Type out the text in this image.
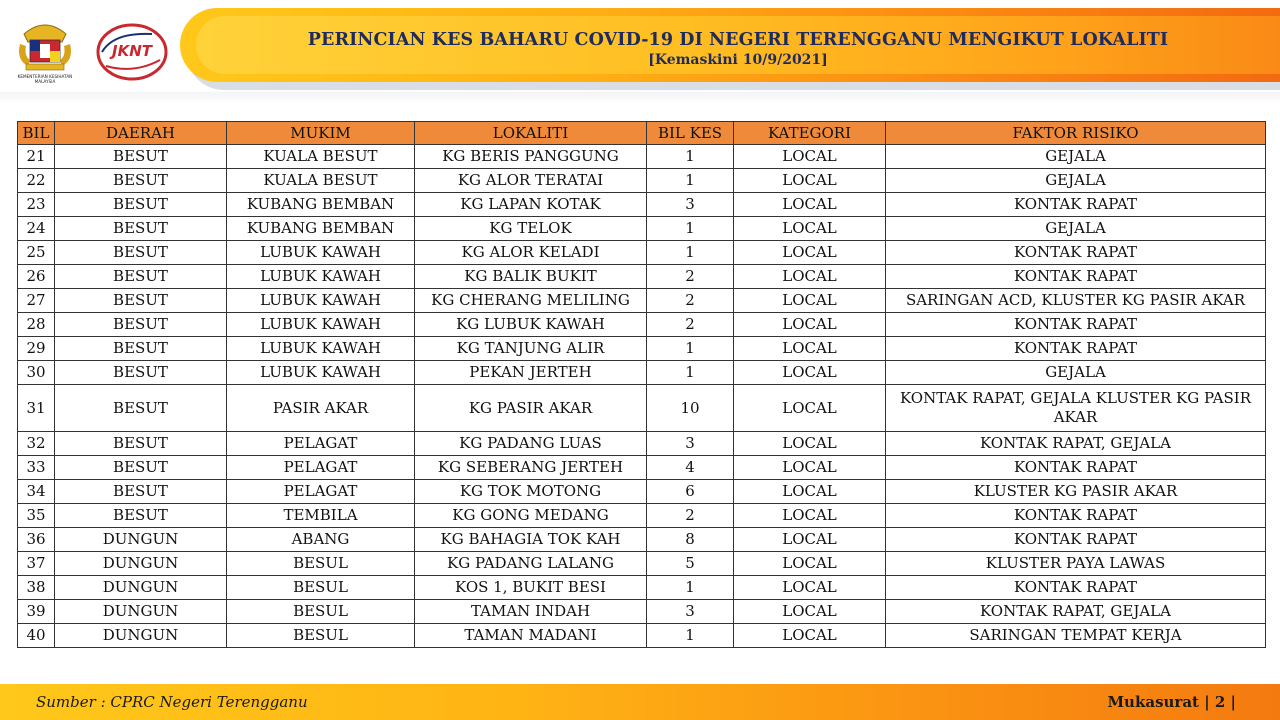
KEMENTERIAN KESIHATAN
MALAYSIA
JKNT
PERINCIAN KES BAHARU COVID-19 DI NEGERI TERENGGANU MENGIKUT LOKALITI
[Kemaskini 10/9/2021]
BIL	DAERAH	MUKIM	LOKALITI	BIL KES	KATEGORI	FAKTOR RISIKO
21	BESUT	KUALA BESUT	KG BERIS PANGGUNG	1	LOCAL	GEJALA
22	BESUT	KUALA BESUT	KG ALOR TERATAI	1	LOCAL	GEJALA
23	BESUT	KUBANG BEMBAN	KG LAPAN KOTAK	3	LOCAL	KONTAK RAPAT
24	BESUT	KUBANG BEMBAN	KG TELOK	1	LOCAL	GEJALA
25	BESUT	LUBUK KAWAH	KG ALOR KELADI	1	LOCAL	KONTAK RAPAT
26	BESUT	LUBUK KAWAH	KG BALIK BUKIT	2	LOCAL	KONTAK RAPAT
27	BESUT	LUBUK KAWAH	KG CHERANG MELILING	2	LOCAL	SARINGAN ACD, KLUSTER KG PASIR AKAR
28	BESUT	LUBUK KAWAH	KG LUBUK KAWAH	2	LOCAL	KONTAK RAPAT
29	BESUT	LUBUK KAWAH	KG TANJUNG ALIR	1	LOCAL	KONTAK RAPAT
30	BESUT	LUBUK KAWAH	PEKAN JERTEH	1	LOCAL	GEJALA
31	BESUT	PASIR AKAR	KG PASIR AKAR	10	LOCAL	KONTAK RAPAT, GEJALA KLUSTER KG PASIR AKAR
32	BESUT	PELAGAT	KG PADANG LUAS	3	LOCAL	KONTAK RAPAT, GEJALA
33	BESUT	PELAGAT	KG SEBERANG JERTEH	4	LOCAL	KONTAK RAPAT
34	BESUT	PELAGAT	KG TOK MOTONG	6	LOCAL	KLUSTER KG PASIR AKAR
35	BESUT	TEMBILA	KG GONG MEDANG	2	LOCAL	KONTAK RAPAT
36	DUNGUN	ABANG	KG BAHAGIA TOK KAH	8	LOCAL	KONTAK RAPAT
37	DUNGUN	BESUL	KG PADANG LALANG	5	LOCAL	KLUSTER PAYA LAWAS
38	DUNGUN	BESUL	KOS 1, BUKIT BESI	1	LOCAL	KONTAK RAPAT
39	DUNGUN	BESUL	TAMAN INDAH	3	LOCAL	KONTAK RAPAT, GEJALA
40	DUNGUN	BESUL	TAMAN MADANI	1	LOCAL	SARINGAN TEMPAT KERJA
Sumber : CPRC Negeri Terengganu	Mukasurat | 2 |
